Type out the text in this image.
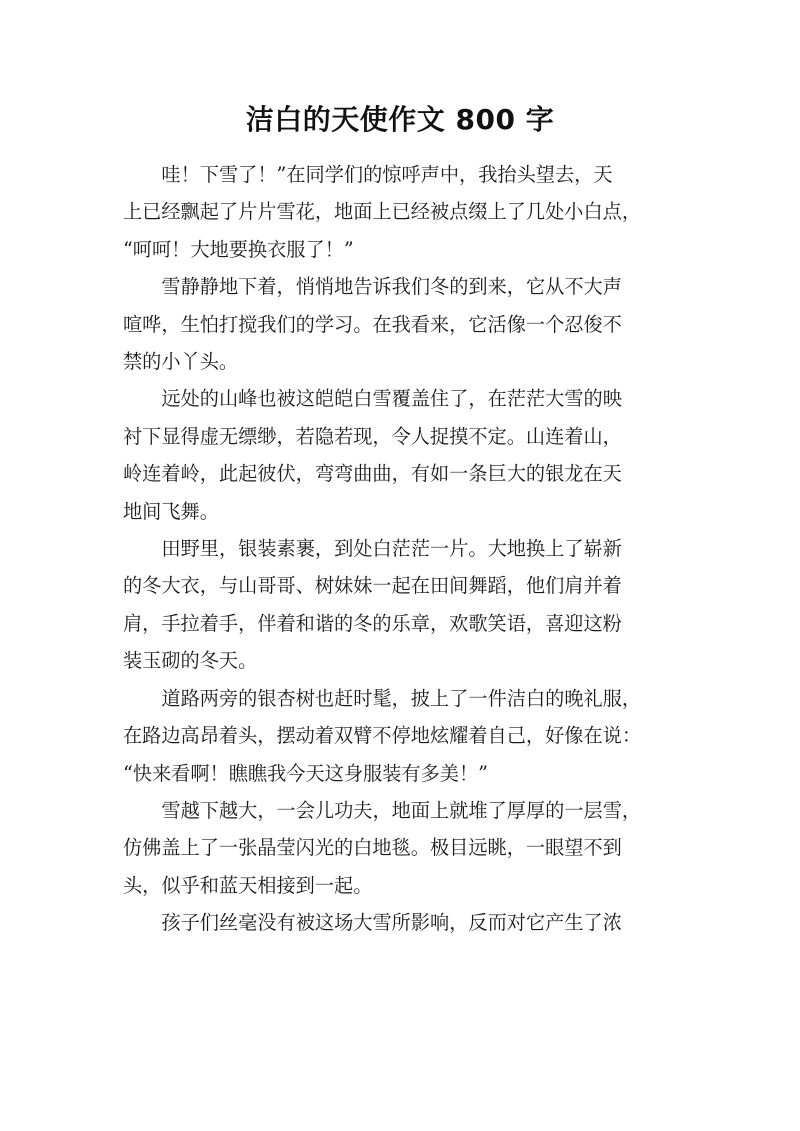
洁白的天使作文 800 字

哇！下雪了！”在同学们的惊呼声中，我抬头望去，天
上已经飘起了片片雪花，地面上已经被点缀上了几处小白点，
“呵呵！大地要换衣服了！”

雪静静地下着，悄悄地告诉我们冬的到来，它从不大声
喧哗，生怕打搅我们的学习。在我看来，它活像一个忍俊不
禁的小丫头。

远处的山峰也被这皑皑白雪覆盖住了，在茫茫大雪的映
衬下显得虚无缥缈，若隐若现，令人捉摸不定。山连着山，
岭连着岭，此起彼伏，弯弯曲曲，有如一条巨大的银龙在天
地间飞舞。

田野里，银装素裹，到处白茫茫一片。大地换上了崭新
的冬大衣，与山哥哥、树妹妹一起在田间舞蹈，他们肩并着
肩，手拉着手，伴着和谐的冬的乐章，欢歌笑语，喜迎这粉
装玉砌的冬天。

道路两旁的银杏树也赶时髦，披上了一件洁白的晚礼服，
在路边高昂着头，摆动着双臂不停地炫耀着自己，好像在说：
“快来看啊！瞧瞧我今天这身服装有多美！”

雪越下越大，一会儿功夫，地面上就堆了厚厚的一层雪，
仿佛盖上了一张晶莹闪光的白地毯。极目远眺，一眼望不到
头，似乎和蓝天相接到一起。

孩子们丝毫没有被这场大雪所影响，反而对它产生了浓
